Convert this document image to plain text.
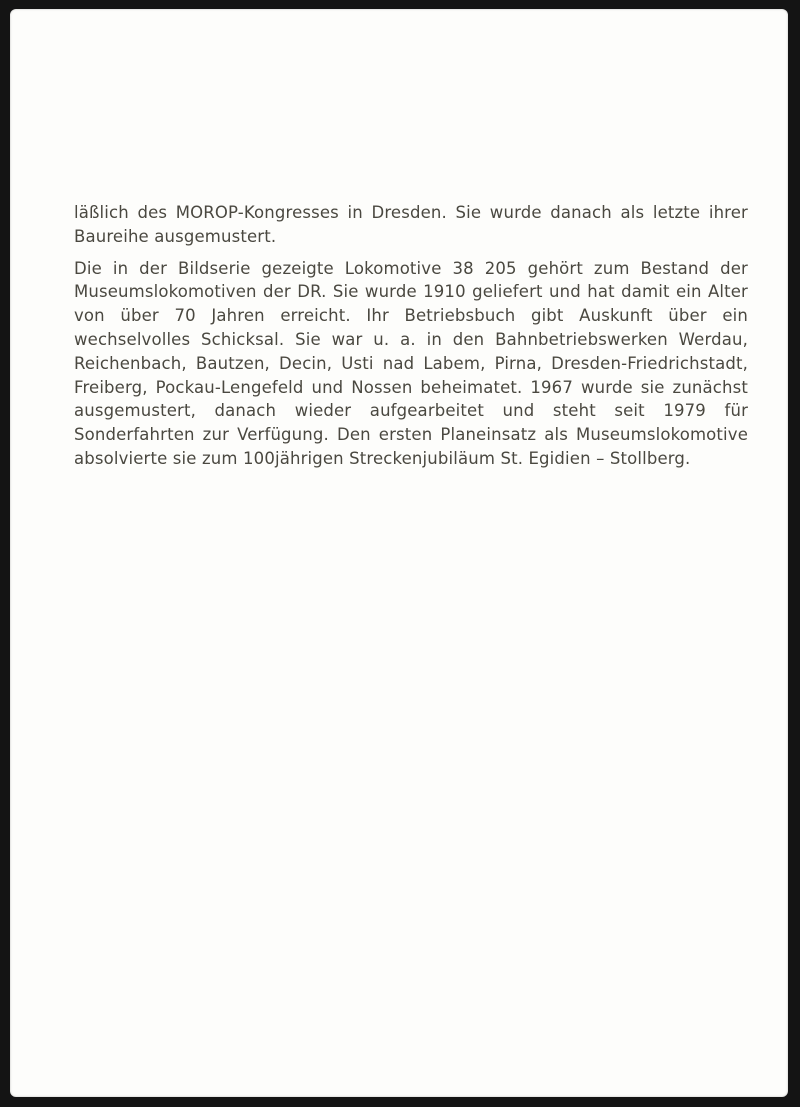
läßlich des MOROP-Kongresses in Dresden. Sie wurde danach als letzte ihrer Baureihe ausgemustert.

Die in der Bildserie gezeigte Lokomotive 38 205 gehört zum Bestand der Museumslokomotiven der DR. Sie wurde 1910 geliefert und hat damit ein Alter von über 70 Jahren erreicht. Ihr Betriebsbuch gibt Auskunft über ein wechselvolles Schicksal. Sie war u. a. in den Bahnbetriebswerken Werdau, Reichenbach, Bautzen, Decin, Usti nad Labem, Pirna, Dresden-Friedrichstadt, Freiberg, Pockau-Lengefeld und Nossen beheimatet. 1967 wurde sie zunächst ausgemustert, danach wieder aufgearbeitet und steht seit 1979 für Sonderfahrten zur Verfügung. Den ersten Planeinsatz als Museumslokomotive absolvierte sie zum 100jährigen Streckenjubiläum St. Egidien – Stollberg.
